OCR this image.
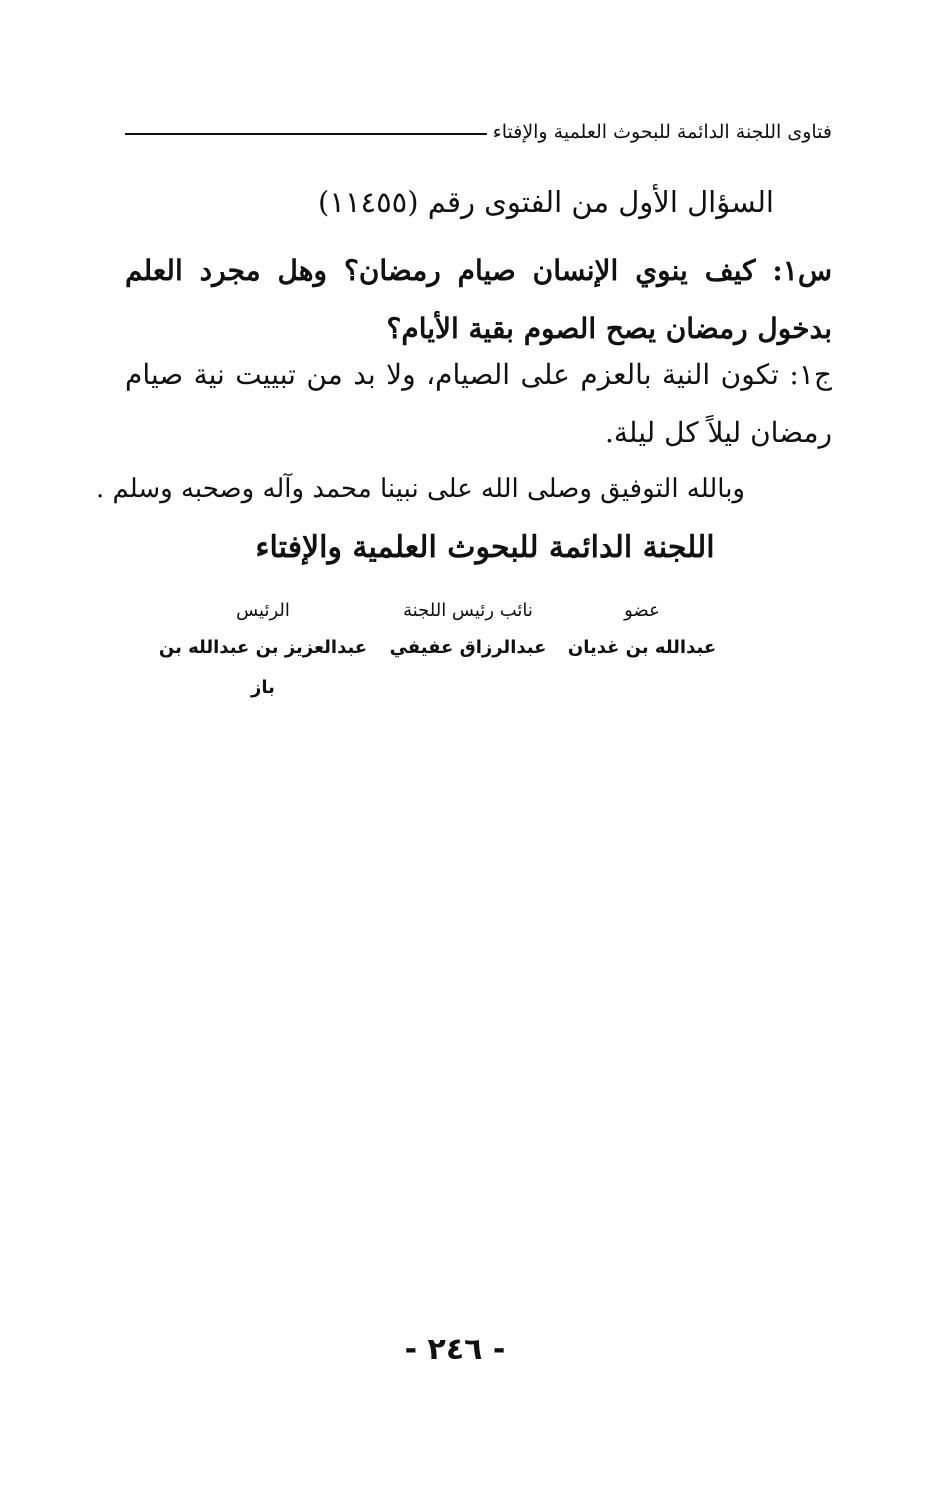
فتاوى اللجنة الدائمة للبحوث العلمية والإفتاء
السؤال الأول من الفتوى رقم (١١٤٥٥)
س١: كيف ينوي الإنسان صيام رمضان؟ وهل مجرد العلم بدخول رمضان يصح الصوم بقية الأيام؟
ج١: تكون النية بالعزم على الصيام، ولا بد من تبييت نية صيام رمضان ليلاً كل ليلة.
وبالله التوفيق وصلى الله على نبينا محمد وآله وصحبه وسلم .
اللجنة الدائمة للبحوث العلمية والإفتاء
عضو
عبدالله بن غديان
نائب رئيس اللجنة
عبدالرزاق عفيفي
الرئيس
عبدالعزيز بن عبدالله بن باز
- ٢٤٦ -
